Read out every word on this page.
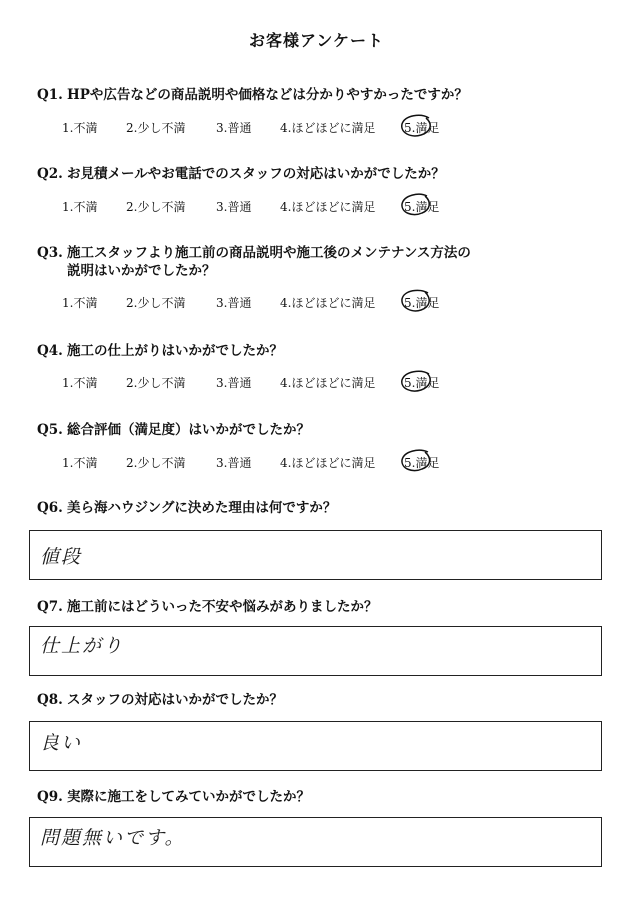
お客様アンケート
Q1. HPや広告などの商品説明や価格などは分かりやすかったですか？
1.不満 2.少し不満	3.普通 4.ほどほどに満足 5.満足
Q2. お見積メールやお電話でのスタッフの対応はいかがでしたか？
1.不満 2.少し不満	3.普通 4.ほどほどに満足 5.満足
Q3. 施工スタッフより施工前の商品説明や施工後のメンテナンス方法の
説明はいかがでしたか？
1.不満 2.少し不満	3.普通 4.ほどほどに満足 5.満足
Q4. 施工の仕上がりはいかがでしたか？
1.不満 2.少し不満	3.普通 4.ほどほどに満足 5.満足
Q5. 総合評価（満足度）はいかがでしたか？
1.不満 2.少し不満	3.普通 4.ほどほどに満足 5.満足
Q6. 美ら海ハウジングに決めた理由は何ですか？
値段
Q7. 施工前にはどういった不安や悩みがありましたか？
仕上がり
Q8. スタッフの対応はいかがでしたか？
良い
Q9. 実際に施工をしてみていかがでしたか？
問題無いです。
